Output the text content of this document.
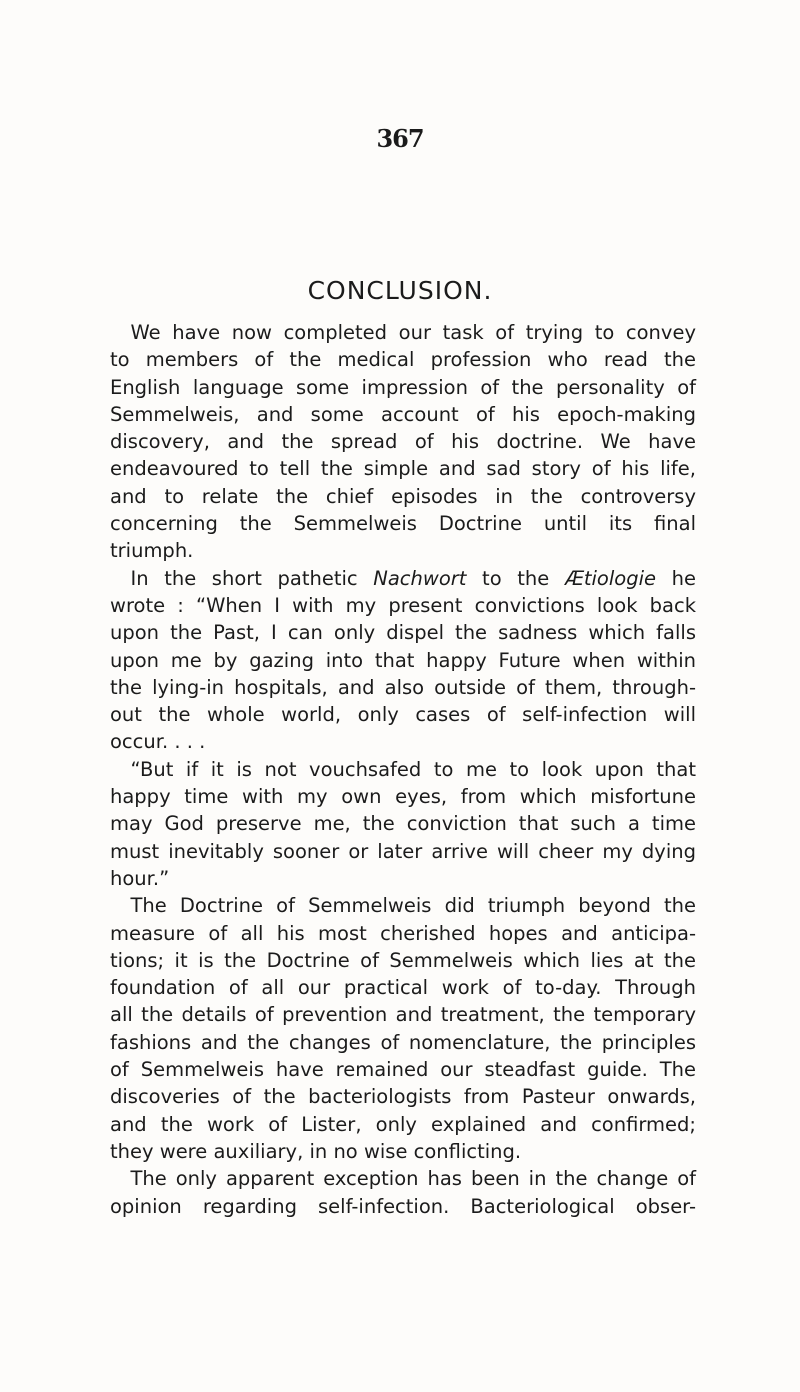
367
CONCLUSION.
We have now completed our task of trying to convey
to members of the medical profession who read the
English language some impression of the personality of
Semmelweis, and some account of his epoch-making
discovery, and the spread of his doctrine. We have
endeavoured to tell the simple and sad story of his life,
and to relate the chief episodes in the controversy
concerning the Semmelweis Doctrine until its final
triumph.
In the short pathetic Nachwort to the Ætiologie he
wrote : “When I with my present convictions look back
upon the Past, I can only dispel the sadness which falls
upon me by gazing into that happy Future when within
the lying-in hospitals, and also outside of them, through-
out the whole world, only cases of self-infection will
occur. . . .
“But if it is not vouchsafed to me to look upon that
happy time with my own eyes, from which misfortune
may God preserve me, the conviction that such a time
must inevitably sooner or later arrive will cheer my dying
hour.”
The Doctrine of Semmelweis did triumph beyond the
measure of all his most cherished hopes and anticipa-
tions; it is the Doctrine of Semmelweis which lies at the
foundation of all our practical work of to-day. Through
all the details of prevention and treatment, the temporary
fashions and the changes of nomenclature, the principles
of Semmelweis have remained our steadfast guide. The
discoveries of the bacteriologists from Pasteur onwards,
and the work of Lister, only explained and confirmed;
they were auxiliary, in no wise conflicting.
The only apparent exception has been in the change of
opinion regarding self-infection. Bacteriological obser-
